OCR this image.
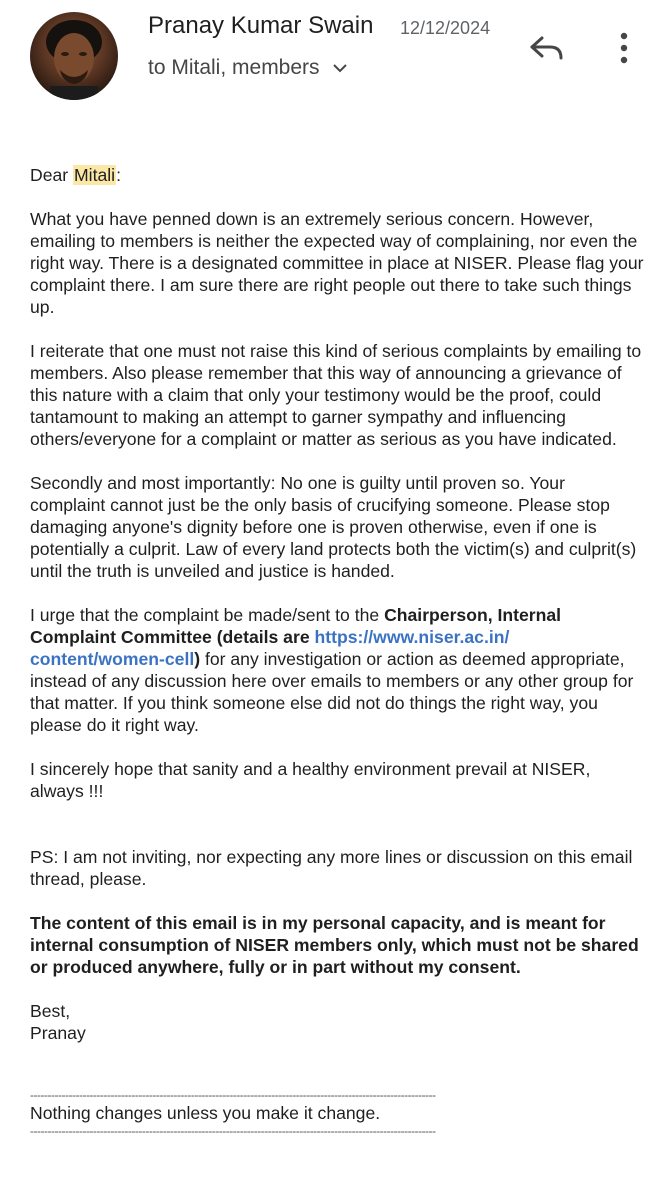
Pranay Kumar Swain 12/12/2024
to Mitali, members

Dear Mitali:

What you have penned down is an extremely serious concern. However, emailing to members is neither the expected way of complaining, nor even the right way. There is a designated committee in place at NISER. Please flag your complaint there. I am sure there are right people out there to take such things up.

I reiterate that one must not raise this kind of serious complaints by emailing to members. Also please remember that this way of announcing a grievance of this nature with a claim that only your testimony would be the proof, could tantamount to making an attempt to garner sympathy and influencing others/everyone for a complaint or matter as serious as you have indicated.

Secondly and most importantly: No one is guilty until proven so. Your complaint cannot just be the only basis of crucifying someone. Please stop damaging anyone's dignity before one is proven otherwise, even if one is potentially a culprit. Law of every land protects both the victim(s) and culprit(s) until the truth is unveiled and justice is handed.

I urge that the complaint be made/sent to the Chairperson, Internal Complaint Committee (details are https://www.niser.ac.in/ content/women-cell) for any investigation or action as deemed appropriate, instead of any discussion here over emails to members or any other group for that matter. If you think someone else did not do things the right way, you please do it right way.

I sincerely hope that sanity and a healthy environment prevail at NISER, always !!!

PS: I am not inviting, nor expecting any more lines or discussion on this email thread, please.

The content of this email is in my personal capacity, and is meant for internal consumption of NISER members only, which must not be shared or produced anywhere, fully or in part without my consent.

Best,

Pranay

--------------------------------------------------------------------------------------------------------------------

Nothing changes unless you make it change.

--------------------------------------------------------------------------------------------------------------------
